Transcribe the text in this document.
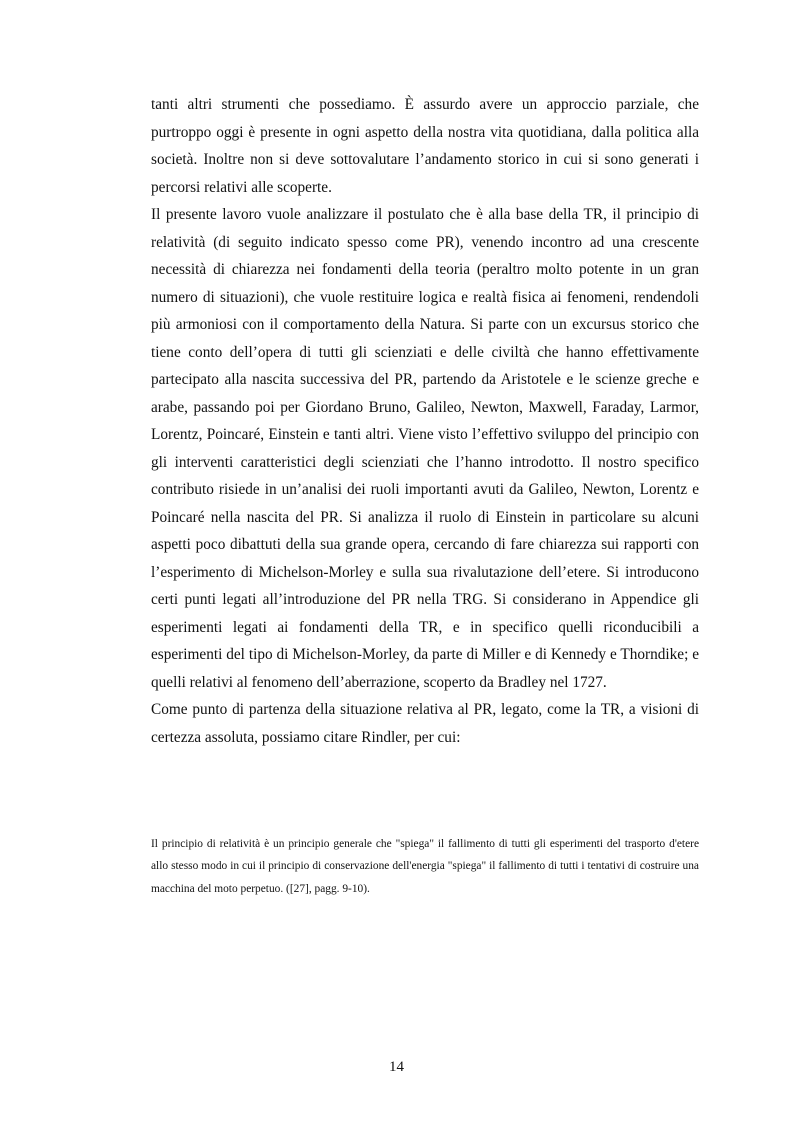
tanti altri strumenti che possediamo. È assurdo avere un approccio parziale, che purtroppo oggi è presente in ogni aspetto della nostra vita quotidiana, dalla politica alla società. Inoltre non si deve sottovalutare l’andamento storico in cui si sono generati i percorsi relativi alle scoperte.

Il presente lavoro vuole analizzare il postulato che è alla base della TR, il principio di relatività (di seguito indicato spesso come PR), venendo incontro ad una crescente necessità di chiarezza nei fondamenti della teoria (peraltro molto potente in un gran numero di situazioni), che vuole restituire logica e realtà fisica ai fenomeni, rendendoli più armoniosi con il comportamento della Natura. Si parte con un excursus storico che tiene conto dell’opera di tutti gli scienziati e delle civiltà che hanno effettivamente partecipato alla nascita successiva del PR, partendo da Aristotele e le scienze greche e arabe, passando poi per Giordano Bruno, Galileo, Newton, Maxwell, Faraday, Larmor, Lorentz, Poincaré, Einstein e tanti altri. Viene visto l’effettivo sviluppo del principio con gli interventi caratteristici degli scienziati che l’hanno introdotto. Il nostro specifico contributo risiede in un’analisi dei ruoli importanti avuti da Galileo, Newton, Lorentz e Poincaré nella nascita del PR. Si analizza il ruolo di Einstein in particolare su alcuni aspetti poco dibattuti della sua grande opera, cercando di fare chiarezza sui rapporti con l’esperimento di Michelson-Morley e sulla sua rivalutazione dell’etere. Si introducono certi punti legati all’introduzione del PR nella TRG. Si considerano in Appendice gli esperimenti legati ai fondamenti della TR, e in specifico quelli riconducibili a esperimenti del tipo di Michelson-Morley, da parte di Miller e di Kennedy e Thorndike; e quelli relativi al fenomeno dell’aberrazione, scoperto da Bradley nel 1727.

Come punto di partenza della situazione relativa al PR, legato, come la TR, a visioni di certezza assoluta, possiamo citare Rindler, per cui:

Il principio di relatività è un principio generale che "spiega" il fallimento di tutti gli esperimenti del trasporto d'etere allo stesso modo in cui il principio di conservazione dell'energia "spiega" il fallimento di tutti i tentativi di costruire una macchina del moto perpetuo. ([27], pagg. 9-10).

14
